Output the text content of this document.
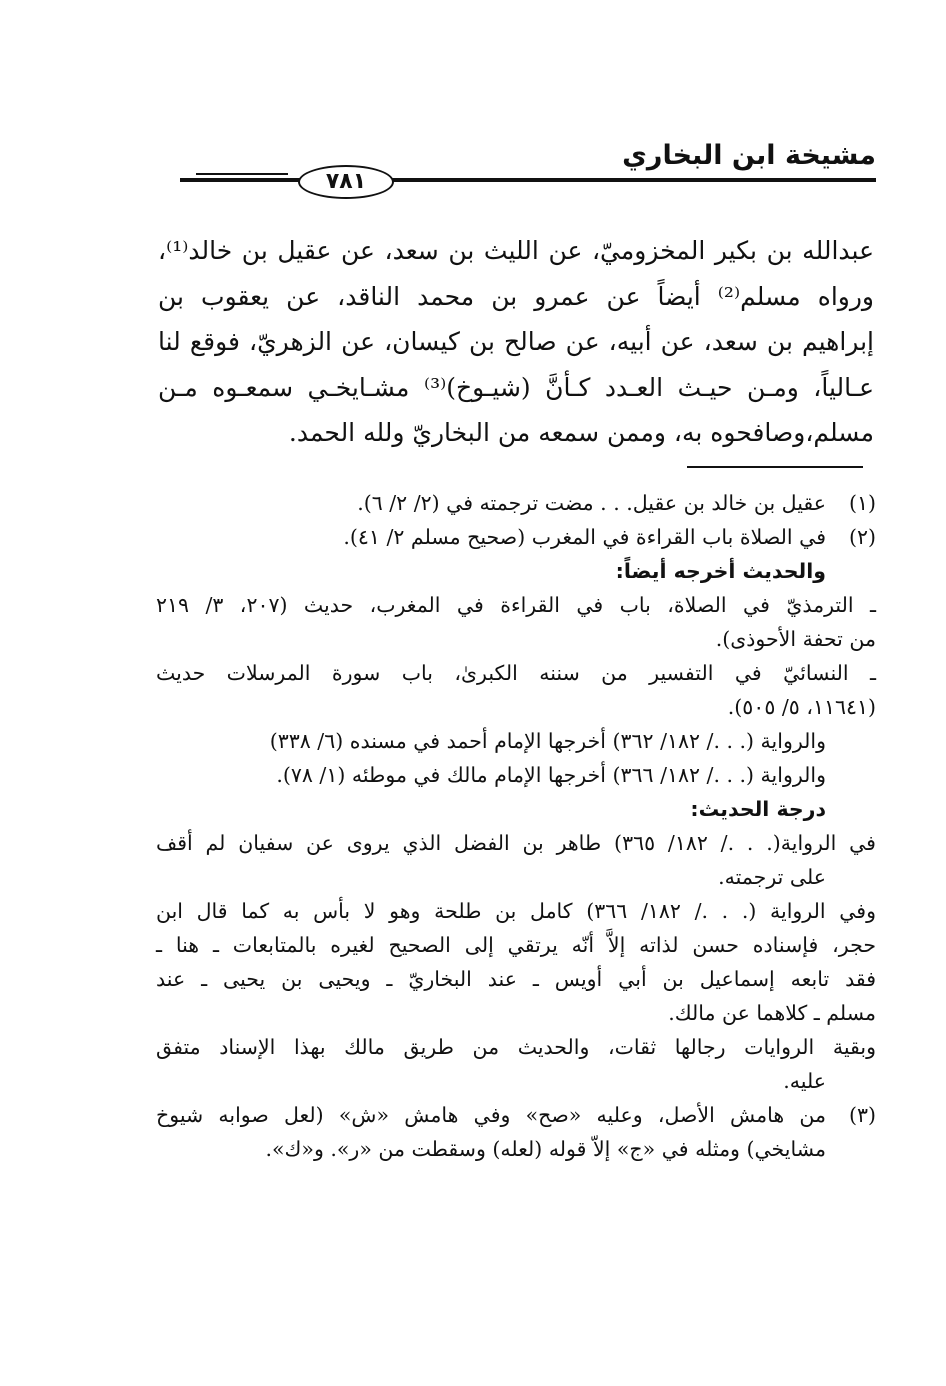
مشيخة ابن البخاري
٧٨١
عبدالله بن بكير المخزوميّ، عن الليث بن سعد، عن عقيل بن خالد⁽¹⁾،
ورواه مسلم⁽²⁾ أيضاً عن عمرو بن محمد الناقد، عن يعقوب بن
إبراهيم بن سعد، عن أبيه، عن صالح بن كيسان، عن الزهريّ، فوقع لنا
عـالياً، ومـن حيـث العـدد كـأنَّ (شيـوخ)⁽³⁾ مشـايخـي سمعـوه مـن
مسلم،وصافحوه به، وممن سمعه من البخاريّ ولله الحمد.
(١)
عقيل بن خالد بن عقيل. . . مضت ترجمته في (٢/ ٢/ ٦).
(٢)
في الصلاة باب القراءة في المغرب (صحيح مسلم ٢/ ٤١).
والحديث أخرجه أيضاً:
ـ الترمذيّ في الصلاة، باب في القراءة في المغرب، حديث (٢٠٧، ٣/ ٢١٩
من تحفة الأحوذى).
ـ النسائيّ في التفسير من سننه الكبرىٰ، باب سورة المرسلات حديث
(١١٦٤١، ٥/ ٥٠٥).
والرواية (. . ./ ١٨٢/ ٣٦٢) أخرجها الإمام أحمد في مسنده (٦/ ٣٣٨)
والرواية (. . ./ ١٨٢/ ٣٦٦) أخرجها الإمام مالك في موطئه (١/ ٧٨).
درجة الحديث:
في الرواية(. . ./ ١٨٢/ ٣٦٥) طاهر بن الفضل الذي يروى عن سفيان لم أقف
على ترجمته.
وفي الرواية (. . ./ ١٨٢/ ٣٦٦) كامل بن طلحة وهو لا بأس به كما قال ابن
حجر، فإسناده حسن لذاته إلاَّ أنّه يرتقي إلى الصحيح لغيره بالمتابعات ـ هنا ـ
فقد تابعه إسماعيل بن أبي أويس ـ عند البخاريّ ـ ويحيى بن يحيى ـ عند
مسلم ـ كلاهما عن مالك.
وبقية الروايات رجالها ثقات، والحديث من طريق مالك بهذا الإسناد متفق
عليه.
(٣)
من هامش الأصل، وعليه «صح» وفي هامش «ش» (لعل صوابه شيوخ
مشايخي) ومثله في «ج» إلاّ قوله (لعله) وسقطت من «ر». و«ك».
